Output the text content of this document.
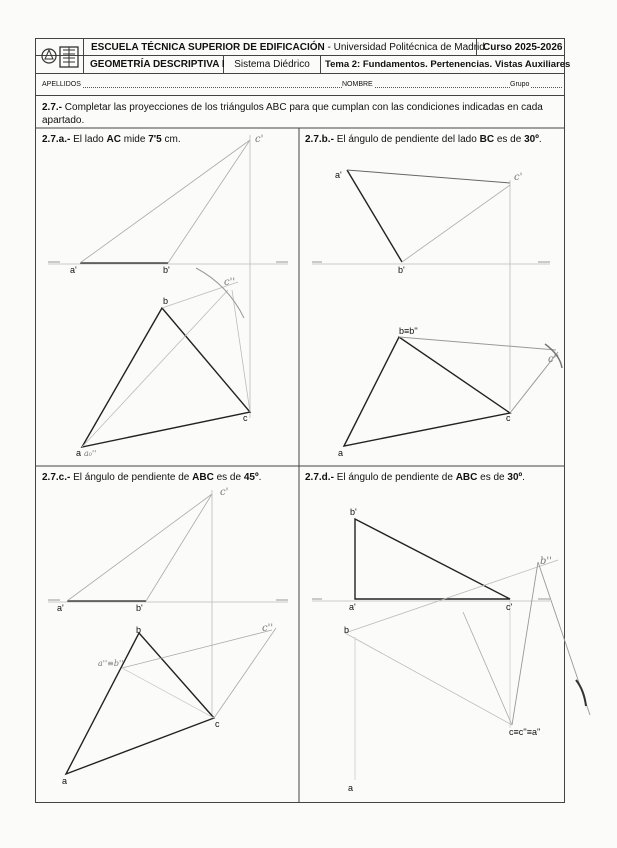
ESCUELA TÉCNICA SUPERIOR DE EDIFICACIÓN
- Universidad Politécnica de Madrid
Curso 2025-2026
GEOMETRÍA DESCRIPTIVA I Sistema Diédrico	Tema 2: Fundamentos. Pertenencias. Vistas Auxiliares
APELLIDOS	NOMBRE	Grupo
2.7.- Completar las proyecciones de los triángulos ABC para que cumplan con las condiciones indicadas en cada apartado.
2.7.a.- El lado AC mide 7'5 cm.	2.7.b.- El ángulo de pendiente del lado BC es de 30º.
2.7.c.- El ángulo de pendiente de ABC es de 45º.	2.7.d.- El ángulo de pendiente de ABC es de 30º.
a'	b'
c'
c''
b
c
a a₀''
a'
b'
c'
b≡b''
c''
c
a
a'	b'
c'
c''
b
a''≡b''
c
a
b'
a'	c'
b''
b
c≡c''≡a''
a
